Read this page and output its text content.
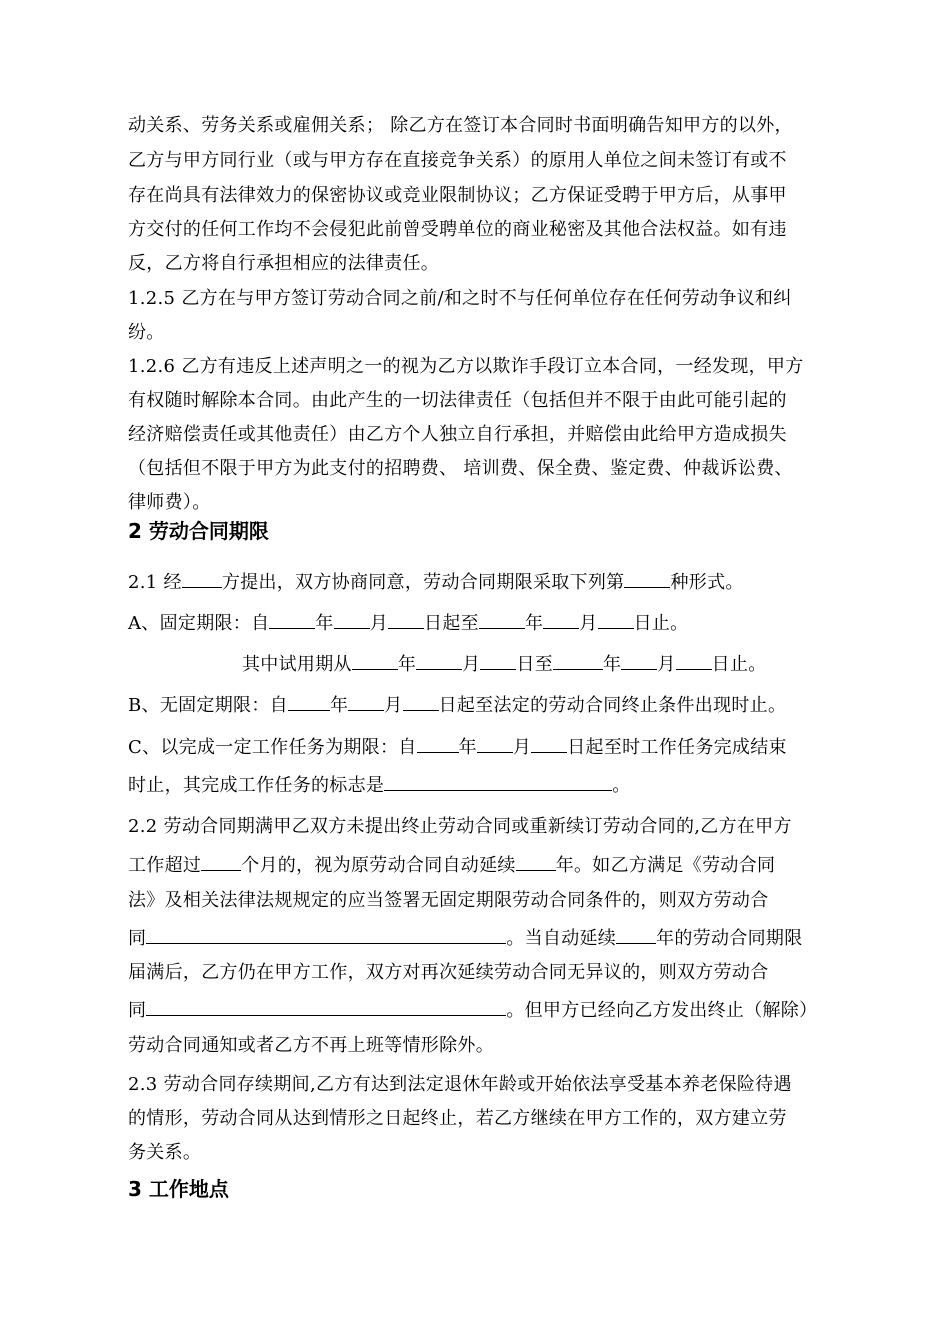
动关系、劳务关系或雇佣关系； 除乙方在签订本合同时书面明确告知甲方的以外，
乙方与甲方同行业（或与甲方存在直接竞争关系）的原用人单位之间未签订有或不
存在尚具有法律效力的保密协议或竞业限制协议；乙方保证受聘于甲方后，从事甲
方交付的任何工作均不会侵犯此前曾受聘单位的商业秘密及其他合法权益。如有违
反，乙方将自行承担相应的法律责任。
1.2.5 乙方在与甲方签订劳动合同之前/和之时不与任何单位存在任何劳动争议和纠
纷。
1.2.6 乙方有违反上述声明之一的视为乙方以欺诈手段订立本合同，一经发现，甲方
有权随时解除本合同。由此产生的一切法律责任（包括但并不限于由此可能引起的
经济赔偿责任或其他责任）由乙方个人独立自行承担，并赔偿由此给甲方造成损失
（包括但不限于甲方为此支付的招聘费、 培训费、保全费、鉴定费、仲裁诉讼费、
律师费）。
2 劳动合同期限
2.1 经 方提出，双方协商同意，劳动合同期限采取下列第	种形式。
A、固定期限：自	年 月 日起至	年 月 日止。
其中试用期从	年	月 日至	年 月 日止。
B、无固定期限：自 年 月 日起至法定的劳动合同终止条件出现时止。
C、以完成一定工作任务为期限：自 年 月 日起至时工作任务完成结束
时止，其完成工作任务的标志是	。
2.2 劳动合同期满甲乙双方未提出终止劳动合同或重新续订劳动合同的,乙方在甲方
工作超过 个月的，视为原劳动合同自动延续 年。如乙方满足《劳动合同
法》及相关法律法规规定的应当签署无固定期限劳动合同条件的，则双方劳动合
同	。当自动延续 年的劳动合同期限
届满后，乙方仍在甲方工作，双方对再次延续劳动合同无异议的，则双方劳动合
同	。但甲方已经向乙方发出终止（解除）
劳动合同通知或者乙方不再上班等情形除外。
2.3 劳动合同存续期间,乙方有达到法定退休年龄或开始依法享受基本养老保险待遇
的情形，劳动合同从达到情形之日起终止，若乙方继续在甲方工作的，双方建立劳
务关系。
3 工作地点
